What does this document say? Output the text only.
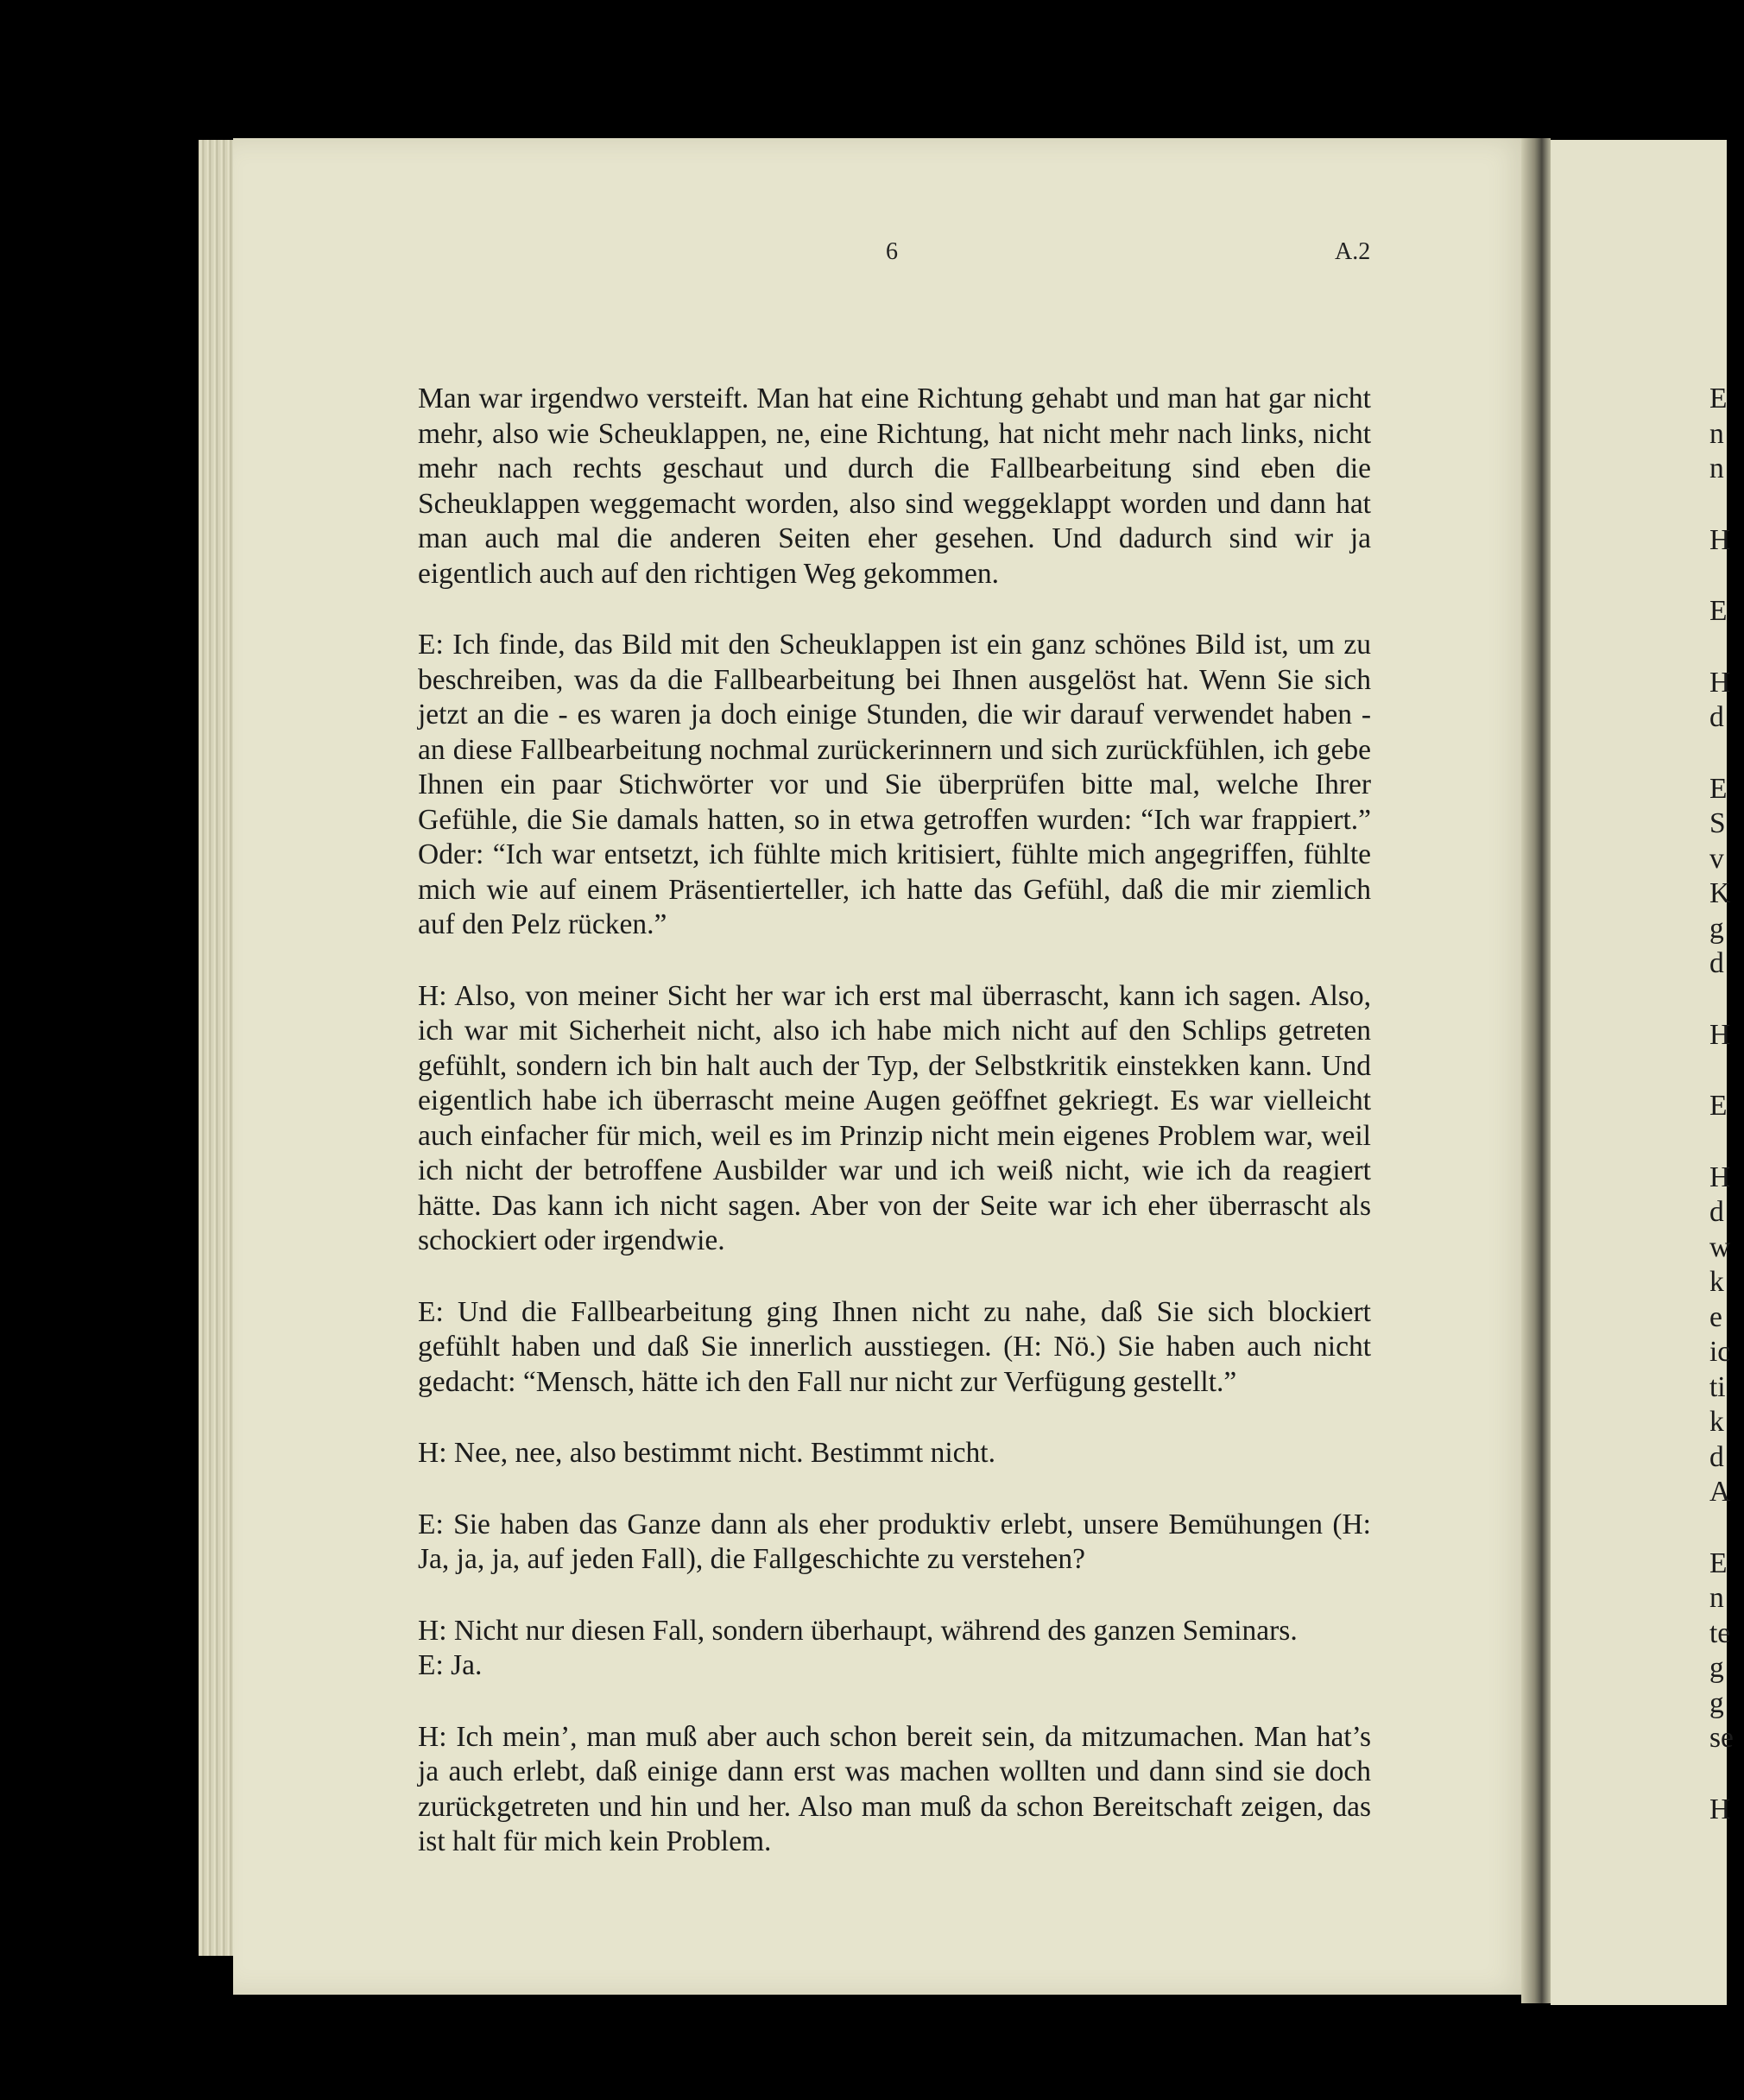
6	A.2

Man war irgendwo versteift. Man hat eine Richtung gehabt und man hat gar nicht mehr, also wie Scheuklappen, ne, eine Richtung, hat nicht mehr nach links, nicht mehr nach rechts geschaut und durch die Fallbearbeitung sind eben die Scheuklappen weggemacht worden, also sind weggeklappt worden und dann hat man auch mal die anderen Seiten eher gesehen. Und dadurch sind wir ja eigentlich auch auf den richtigen Weg gekommen.

E: Ich finde, das Bild mit den Scheuklappen ist ein ganz schönes Bild ist, um zu beschreiben, was da die Fallbearbeitung bei Ihnen ausgelöst hat. Wenn Sie sich jetzt an die - es waren ja doch einige Stunden, die wir darauf verwendet haben - an diese Fallbearbeitung nochmal zurückerinnern und sich zurückfühlen, ich gebe Ihnen ein paar Stichwörter vor und Sie überprüfen bitte mal, welche Ihrer Gefühle, die Sie damals hatten, so in etwa getroffen wurden: “Ich war frappiert.” Oder: “Ich war entsetzt, ich fühlte mich kritisiert, fühlte mich angegriffen, fühlte mich wie auf einem Präsentierteller, ich hatte das Gefühl, daß die mir ziemlich auf den Pelz rücken.”

H: Also, von meiner Sicht her war ich erst mal überrascht, kann ich sagen. Also, ich war mit Sicherheit nicht, also ich habe mich nicht auf den Schlips getreten gefühlt, sondern ich bin halt auch der Typ, der Selbstkritik einstekken kann. Und eigentlich habe ich überrascht meine Augen geöffnet gekriegt. Es war vielleicht auch einfacher für mich, weil es im Prinzip nicht mein eigenes Problem war, weil ich nicht der betroffene Ausbilder war und ich weiß nicht, wie ich da reagiert hätte. Das kann ich nicht sagen. Aber von der Seite war ich eher überrascht als schockiert oder irgendwie.

E: Und die Fallbearbeitung ging Ihnen nicht zu nahe, daß Sie sich blockiert gefühlt haben und daß Sie innerlich ausstiegen. (H: Nö.) Sie haben auch nicht gedacht: “Mensch, hätte ich den Fall nur nicht zur Verfügung gestellt.”

H: Nee, nee, also bestimmt nicht. Bestimmt nicht.

E: Sie haben das Ganze dann als eher produktiv erlebt, unsere Bemühungen (H: Ja, ja, ja, auf jeden Fall), die Fallgeschichte zu verstehen?

H: Nicht nur diesen Fall, sondern überhaupt, während des ganzen Seminars.

E: Ja.

H: Ich mein’, man muß aber auch schon bereit sein, da mitzumachen. Man hat’s ja auch erlebt, daß einige dann erst was machen wollten und dann sind sie doch zurückgetreten und hin und her. Also man muß da schon Bereitschaft zeigen, das ist halt für mich kein Problem.

E
n
n
H
E
H
d
E
S
v
K
g
d
H
E
H
d
w
k
e
ic
ti
k
d
A
E
n
te
g
g
se
H
